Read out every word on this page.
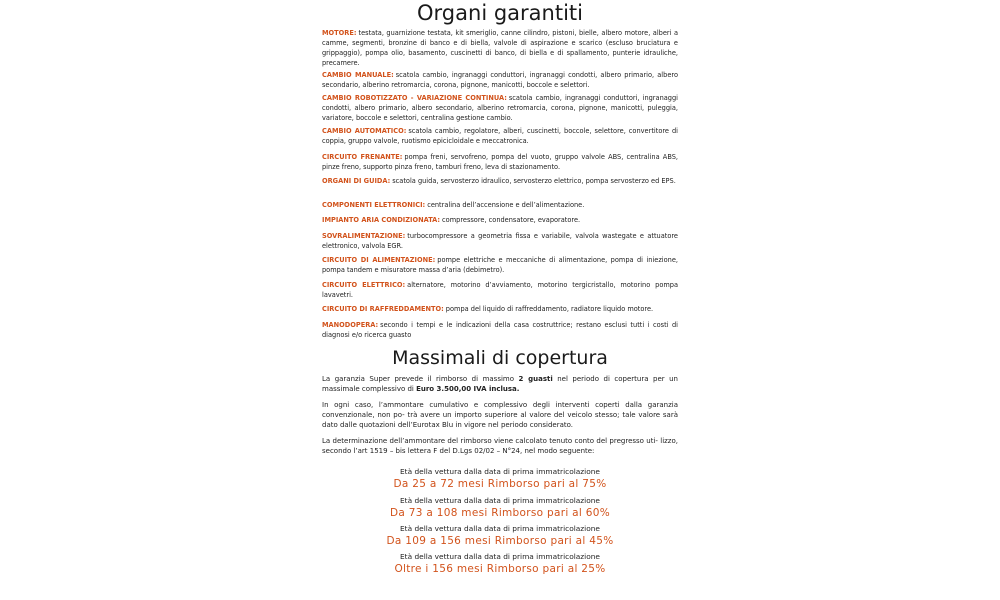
Organi garantiti

MOTORE: testata, guarnizione testata, kit smeriglio, canne cilindro, pistoni, bielle, albero motore, alberi a camme, segmenti, bronzine di banco e di biella, valvole di aspirazione e scarico (escluso bruciatura e grippaggio), pompa olio, basamento, cuscinetti di banco, di biella e di spallamento, punterie idrauliche, precamere.

CAMBIO MANUALE: scatola cambio, ingranaggi conduttori, ingranaggi condotti, albero primario, albero secondario, alberino retromarcia, corona, pignone, manicotti, boccole e selettori.

CAMBIO ROBOTIZZATO - VARIAZIONE CONTINUA: scatola cambio, ingranaggi conduttori, ingranaggi condotti, albero primario, albero secondario, alberino retromarcia, corona, pignone, manicotti, puleggia, variatore, boccole e selettori, centralina gestione cambio.

CAMBIO AUTOMATICO: scatola cambio, regolatore, alberi, cuscinetti, boccole, selettore, convertitore di coppia, gruppo valvole, ruotismo epicicloidale e meccatronica.

CIRCUITO FRENANTE: pompa freni, servofreno, pompa del vuoto, gruppo valvole ABS, centralina ABS, pinze freno, supporto pinza freno, tamburi freno, leva di stazionamento.

ORGANI DI GUIDA: scatola guida, servosterzo idraulico, servosterzo elettrico, pompa servosterzo ed EPS.

COMPONENTI ELETTRONICI: centralina dell’accensione e dell’alimentazione.

IMPIANTO ARIA CONDIZIONATA: compressore, condensatore, evaporatore.

SOVRALIMENTAZIONE: turbocompressore a geometria fissa e variabile, valvola wastegate e attuatore elettronico, valvola EGR.

CIRCUITO DI ALIMENTAZIONE: pompe elettriche e meccaniche di alimentazione, pompa di iniezione, pompa tandem e misuratore massa d’aria (debimetro).

CIRCUITO ELETTRICO: alternatore, motorino d’avviamento, motorino tergicristallo, motorino pompa lavavetri.

CIRCUITO DI RAFFREDDAMENTO: pompa del liquido di raffreddamento, radiatore liquido motore.

MANODOPERA: secondo i tempi e le indicazioni della casa costruttrice; restano esclusi tutti i costi di diagnosi e/o ricerca guasto

Massimali di copertura

La garanzia Super prevede il rimborso di massimo 2 guasti nel periodo di copertura per un massimale complessivo di Euro 3.500,00 IVA inclusa.

In ogni caso, l’ammontare cumulativo e complessivo degli interventi coperti dalla garanzia convenzionale, non po- trà avere un importo superiore al valore del veicolo stesso; tale valore sarà dato dalle quotazioni dell’Eurotax Blu in vigore nel periodo considerato.

La determinazione dell’ammontare del rimborso viene calcolato tenuto conto del pregresso uti- lizzo, secondo l’art 1519 – bis lettera F del D.Lgs 02/02 – N°24, nel modo seguente:

Età della vettura dalla data di prima immatricolazione

Da 25 a 72 mesi Rimborso pari al 75%

Età della vettura dalla data di prima immatricolazione

Da 73 a 108 mesi Rimborso pari al 60%

Età della vettura dalla data di prima immatricolazione

Da 109 a 156 mesi Rimborso pari al 45%

Età della vettura dalla data di prima immatricolazione

Oltre i 156 mesi Rimborso pari al 25%
